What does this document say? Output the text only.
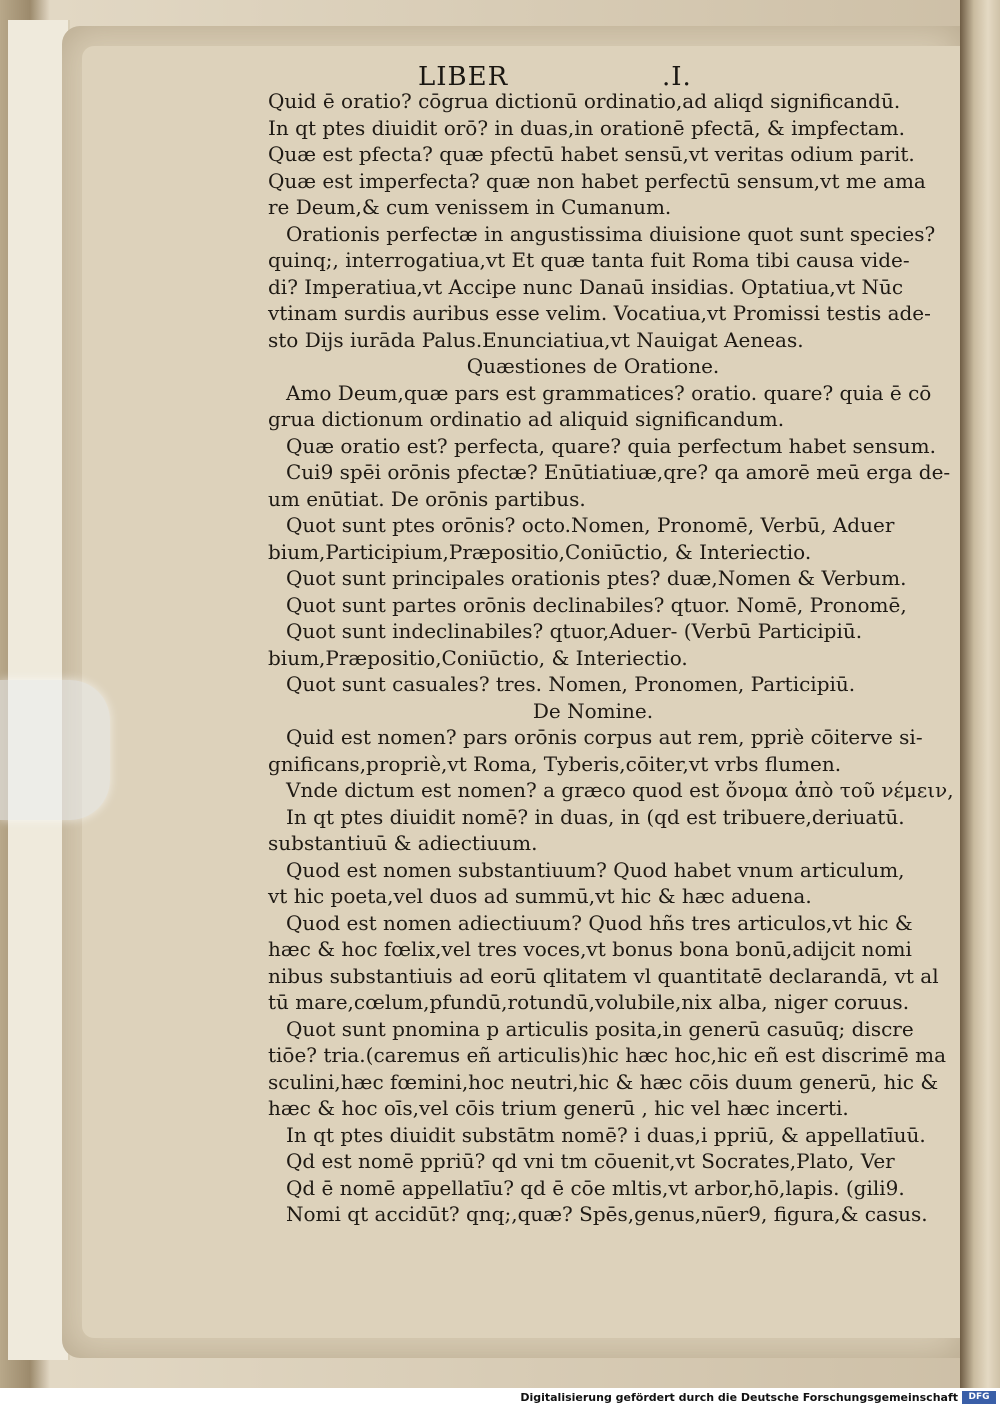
LIBER	.I.
Quid ē oratio? cōgrua dictionū ordinatio,ad aliqd significandū.
In qt ptes diuidit orō? in duas,in orationē pfectā, & impfectam.
Quæ est pfecta? quæ pfectū habet sensū,vt veritas odium parit.
Quæ est imperfecta? quæ non habet perfectū sensum,vt me ama
re Deum,& cum venissem in Cumanum.
Orationis perfectæ in angustissima diuisione quot sunt species?
quinq;, interrogatiua,vt Et quæ tanta fuit Roma tibi causa vide-
di? Imperatiua,vt Accipe nunc Danaū insidias. Optatiua,vt Nūc
vtinam surdis auribus esse velim. Vocatiua,vt Promissi testis ade-
sto Dijs iurāda Palus.Enunciatiua,vt Nauigat Aeneas.
Quæstiones de Oratione.
Amo Deum,quæ pars est grammatices? oratio. quare? quia ē cō
grua dictionum ordinatio ad aliquid significandum.
Quæ oratio est? perfecta, quare? quia perfectum habet sensum.
Cui9 spēi orōnis pfectæ? Enūtiatiuæ,qre? qa amorē meū erga de-
um enūtiat. De orōnis partibus.
Quot sunt ptes orōnis? octo.Nomen, Pronomē, Verbū, Aduer
bium,Participium,Præpositio,Coniūctio, & Interiectio.
Quot sunt principales orationis ptes? duæ,Nomen & Verbum.
Quot sunt partes orōnis declinabiles? qtuor. Nomē, Pronomē,
Quot sunt indeclinabiles? qtuor,Aduer- (Verbū Participiū.
bium,Præpositio,Coniūctio, & Interiectio.
Quot sunt casuales? tres. Nomen, Pronomen, Participiū.
De Nomine.
Quid est nomen? pars orōnis corpus aut rem, ppriè cōiterve si-
gnificans,propriè,vt Roma, Tyberis,cōiter,vt vrbs flumen.
Vnde dictum est nomen? a græco quod est ὄνομα ἀπὸ τοῦ νέμειν,
In qt ptes diuidit nomē? in duas, in (qd est tribuere,deriuatū.
substantiuū & adiectiuum.
Quod est nomen substantiuum? Quod habet vnum articulum,
vt hic poeta,vel duos ad summū,vt hic & hæc aduena.
Quod est nomen adiectiuum? Quod hñs tres articulos,vt hic &
hæc & hoc fœlix,vel tres voces,vt bonus bona bonū,adijcit nomi
nibus substantiuis ad eorū qlitatem vl quantitatē declarandā, vt al
tū mare,cœlum,pfundū,rotundū,volubile,nix alba, niger coruus.
Quot sunt pnomina p articulis posita,in generū casuūq; discre
tiōe? tria.(caremus eñ articulis)hic hæc hoc,hic eñ est discrimē ma
sculini,hæc fœmini,hoc neutri,hic & hæc cōis duum generū, hic &
hæc & hoc oīs,vel cōis trium generū , hic vel hæc incerti.
In qt ptes diuidit substātm nomē? i duas,i ppriū, & appellatīuū.
Qd est nomē ppriū? qd vni tm cōuenit,vt Socrates,Plato, Ver
Qd ē nomē appellatīu? qd ē cōe mltis,vt arbor,hō,lapis. (gili9.
Nomi qt accidūt? qnq;,quæ? Spēs,genus,nūer9, figura,& casus.
Digitalisierung gefördert durch die Deutsche Forschungsgemeinschaft	DFG
